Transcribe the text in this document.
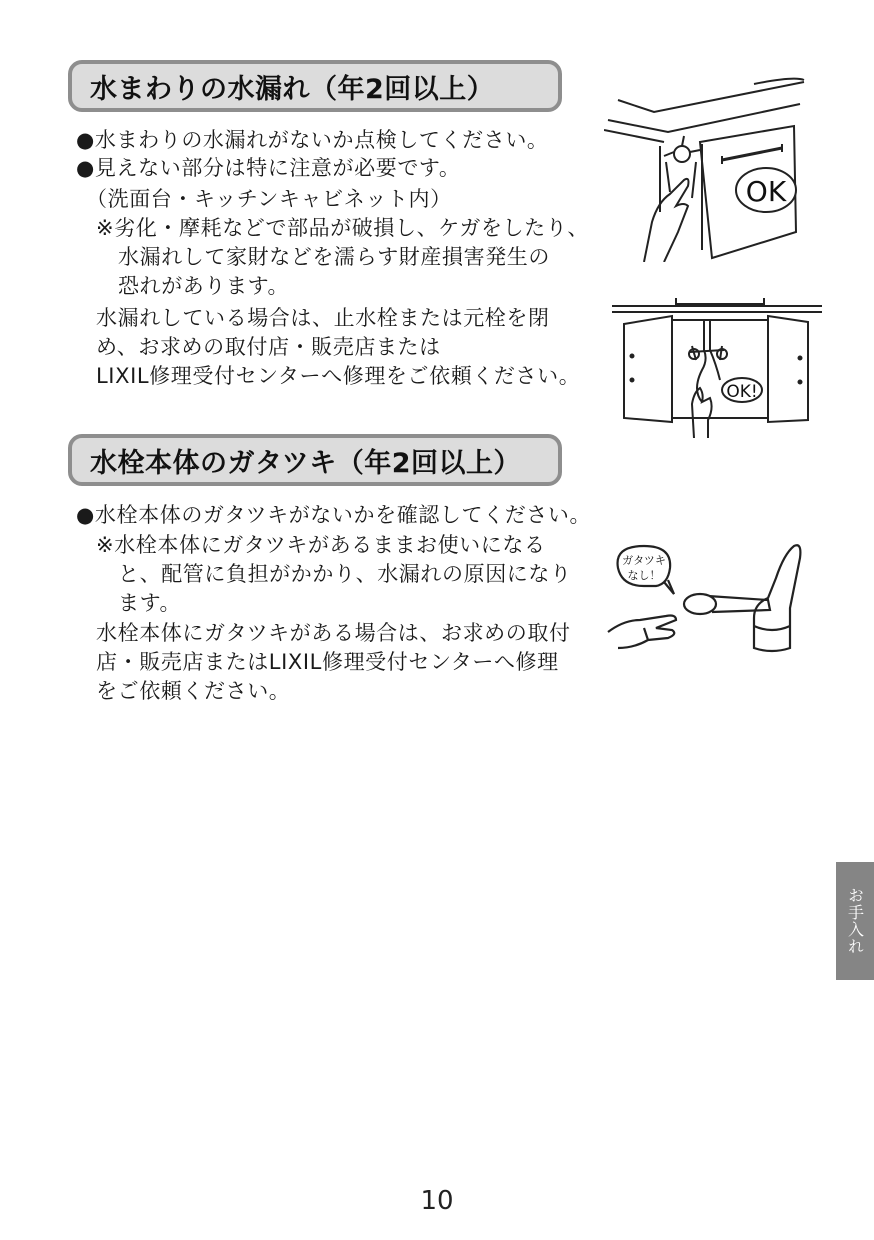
水まわりの水漏れ（年2回以上）
●水まわりの水漏れがないか点検してください。
●見えない部分は特に注意が必要です。
（洗面台・キッチンキャビネット内）
※劣化・摩耗などで部品が破損し、ケガをしたり、
水漏れして家財などを濡らす財産損害発生の
恐れがあります。
水漏れしている場合は、止水栓または元栓を閉
め、お求めの取付店・販売店または
LIXIL修理受付センターへ修理をご依頼ください。
OK
OK!
水栓本体のガタツキ（年2回以上）
●水栓本体のガタツキがないかを確認してください。
※水栓本体にガタツキがあるままお使いになる
と、配管に負担がかかり、水漏れの原因になり
ます。
水栓本体にガタツキがある場合は、お求めの取付
店・販売店またはLIXIL修理受付センターへ修理
をご依頼ください。
ガタツキ
なし！
お手入れ
10
